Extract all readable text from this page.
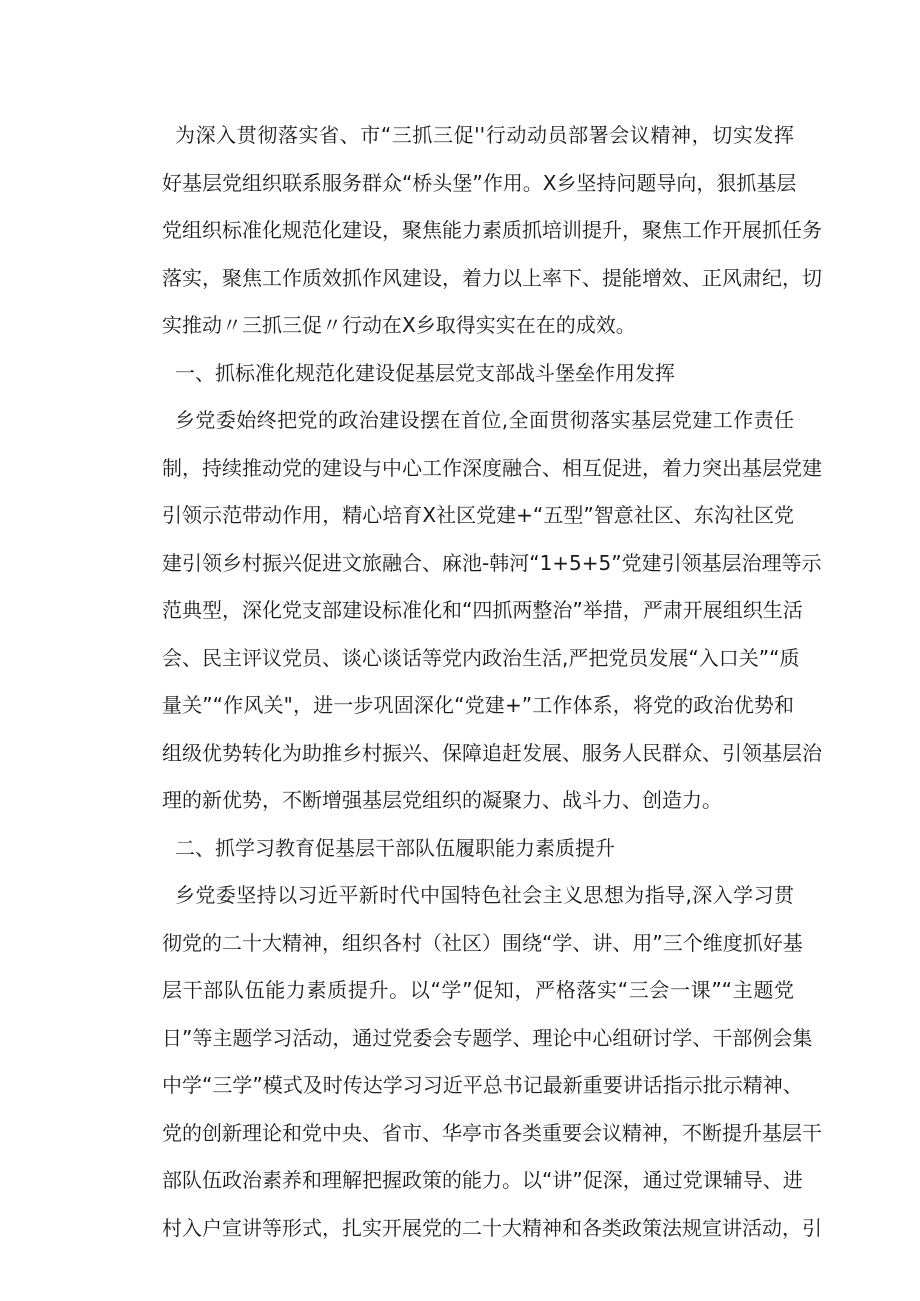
为深入贯彻落实省、市“三抓三促''行动动员部署会议精神，切实发挥
好基层党组织联系服务群众“桥头堡”作用。X乡坚持问题导向，狠抓基层
党组织标准化规范化建设，聚焦能力素质抓培训提升，聚焦工作开展抓任务
落实，聚焦工作质效抓作风建设，着力以上率下、提能增效、正风肃纪，切
实推动〃三抓三促〃行动在X乡取得实实在在的成效。
一、抓标准化规范化建设促基层党支部战斗堡垒作用发挥
乡党委始终把党的政治建设摆在首位,全面贯彻落实基层党建工作责任
制，持续推动党的建设与中心工作深度融合、相互促进，着力突出基层党建
引领示范带动作用，精心培育X社区党建+“五型”智意社区、东沟社区党
建引领乡村振兴促进文旅融合、麻池-韩河“1+5+5”党建引领基层治理等示
范典型，深化党支部建设标准化和“四抓两整治”举措，严肃开展组织生活
会、民主评议党员、谈心谈话等党内政治生活,严把党员发展“入口关”“质
量关”“作风关"，进一步巩固深化“党建+”工作体系，将党的政治优势和
组级优势转化为助推乡村振兴、保障追赶发展、服务人民群众、引领基层治
理的新优势，不断增强基层党组织的凝聚力、战斗力、创造力。
二、抓学习教育促基层干部队伍履职能力素质提升
乡党委坚持以习近平新时代中国特色社会主义思想为指导,深入学习贯
彻党的二十大精神，组织各村（社区）围绕“学、讲、用”三个维度抓好基
层干部队伍能力素质提升。以“学”促知，严格落实“三会一课”“主题党
日”等主题学习活动，通过党委会专题学、理论中心组研讨学、干部例会集
中学“三学”模式及时传达学习习近平总书记最新重要讲话指示批示精神、
党的创新理论和党中央、省市、华亭市各类重要会议精神，不断提升基层干
部队伍政治素养和理解把握政策的能力。以“讲”促深，通过党课辅导、进
村入户宣讲等形式，扎实开展党的二十大精神和各类政策法规宣讲活动，引
